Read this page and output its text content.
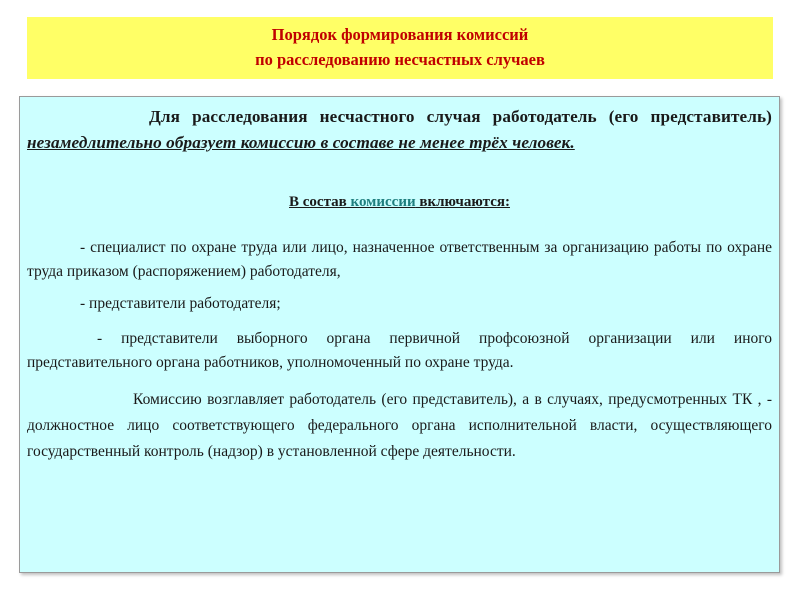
Порядок формирования комиссий
по расследованию несчастных случаев

Для расследования несчастного случая работодатель (его представитель) незамедлительно образует комиссию в составе не менее трёх человек.

В состав комиссии включаются:

- специалист по охране труда или лицо, назначенное ответственным за организацию работы по охране труда приказом (распоряжением) работодателя,

- представители работодателя;

- представители выборного органа первичной профсоюзной организации или иного представительного органа работников, уполномоченный по охране труда.

Комиссию возглавляет работодатель (его представитель), а в случаях, предусмотренных ТК , - должностное лицо соответствующего федерального органа исполнительной власти, осуществляющего государственный контроль (надзор) в установленной сфере деятельности.
